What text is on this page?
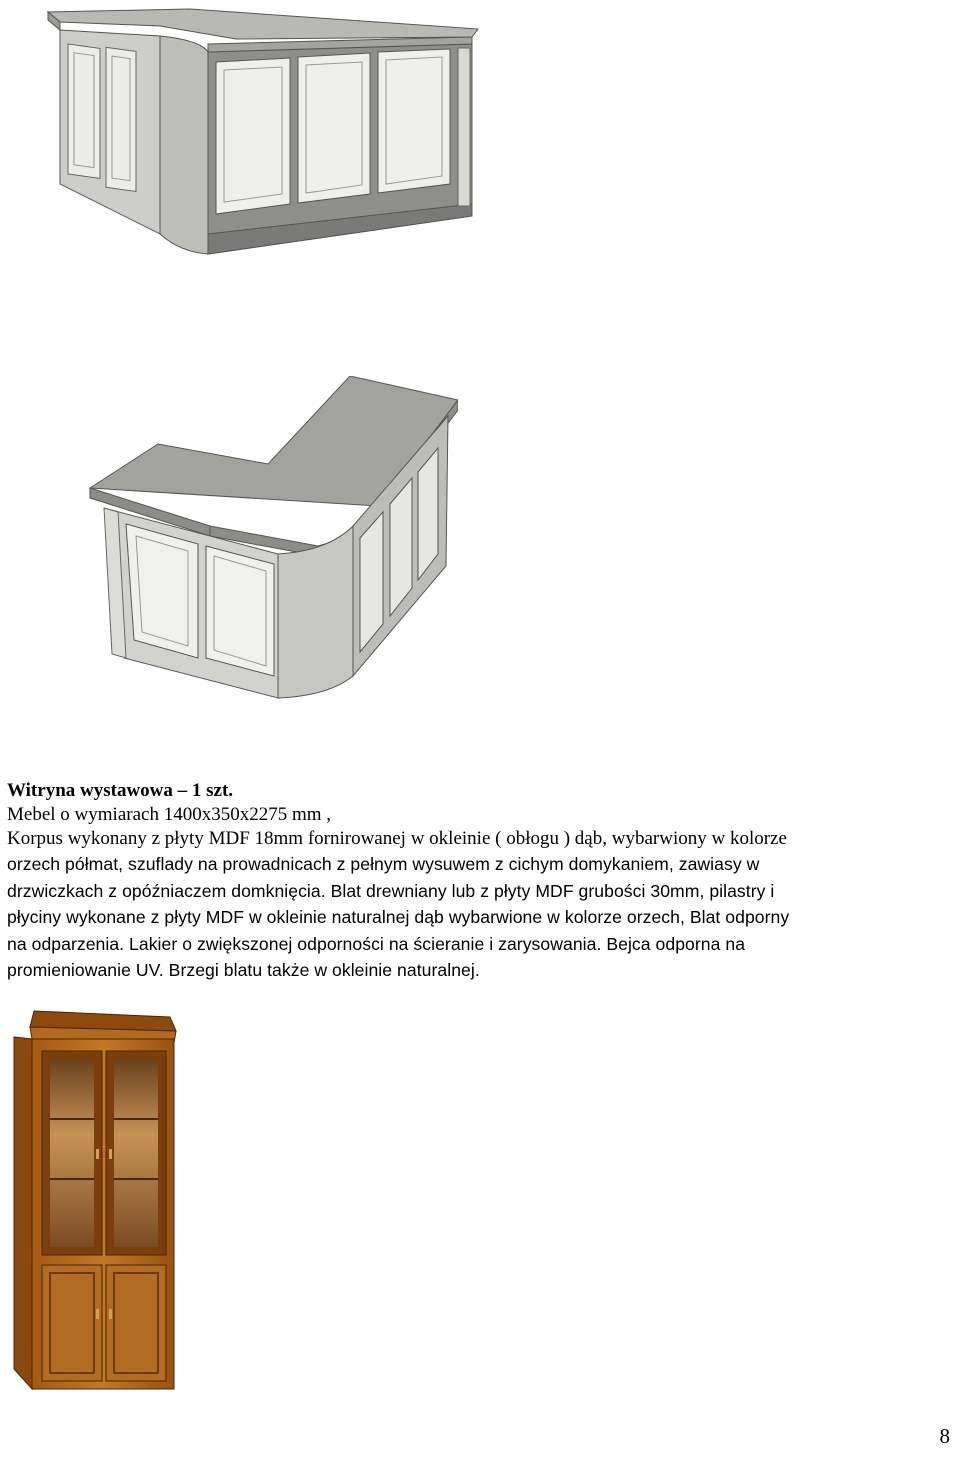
Witryna wystawowa – 1 szt.

Mebel o wymiarach 1400x350x2275 mm ,

Korpus wykonany z płyty MDF 18mm fornirowanej w okleinie ( obłogu ) dąb, wybarwiony w kolorze

orzech półmat, szuflady na prowadnicach z pełnym wysuwem z cichym domykaniem, zawiasy w

drzwiczkach z opóźniaczem domknięcia. Blat drewniany lub z płyty MDF grubości 30mm, pilastry i

płyciny wykonane z płyty MDF w okleinie naturalnej dąb wybarwione w kolorze orzech, Blat odporny

na odparzenia. Lakier o zwiększonej odporności na ścieranie i zarysowania. Bejca odporna na

promieniowanie UV. Brzegi blatu także w okleinie naturalnej.

8
